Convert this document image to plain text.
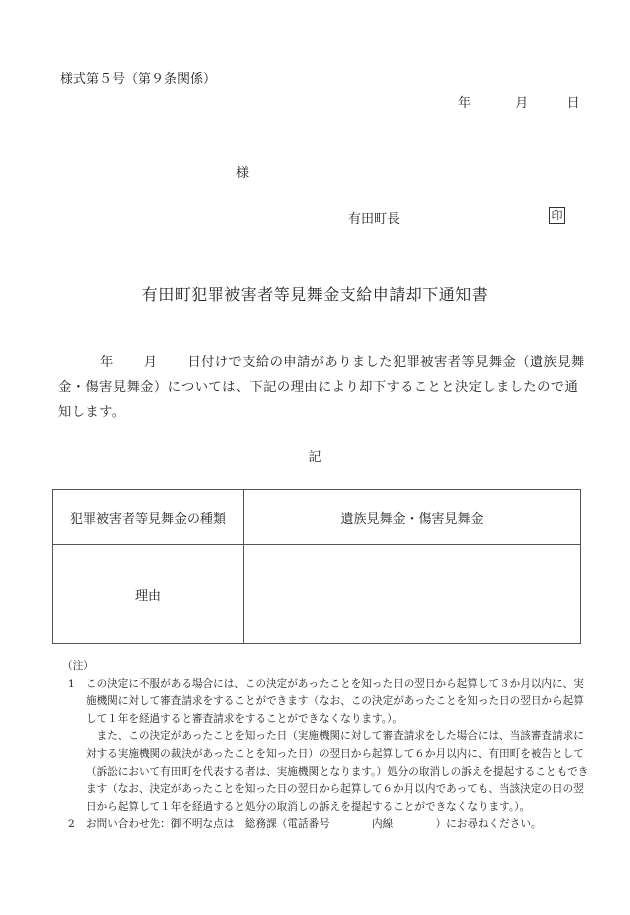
様式第５号（第９条関係）
年	月	日
様
有田町長	印
有田町犯罪被害者等見舞金支給申請却下通知書
年 月 日付けで支給の申請がありました犯罪被害者等見舞金（遺族見舞金・傷害見舞金）については、下記の理由により却下することと決定しましたので通知します。
記
犯罪被害者等見舞金の種類	遺族見舞金・傷害見舞金
理由	
（注）
1 この決定に不服がある場合には、この決定があったことを知った日の翌日から起算して３か月以内に、実施機関に対して審査請求をすることができます（なお、この決定があったことを知った日の翌日から起算して１年を経過すると審査請求をすることができなくなります。）。

また、この決定があったことを知った日（実施機関に対して審査請求をした場合には、当該審査請求に対する実施機関の裁決があったことを知った日）の翌日から起算して６か月以内に、有田町を被告として（訴訟において有田町を代表する者は、実施機関となります。）処分の取消しの訴えを提起することもできます（なお、決定があったことを知った日の翌日から起算して６か月以内であっても、当該決定の日の翌日から起算して１年を経過すると処分の取消しの訴えを提起することができなくなります。）。

2 お問い合わせ先：御不明な点は　総務課（電話番号　　　　内線　　　　）にお尋ねください。
